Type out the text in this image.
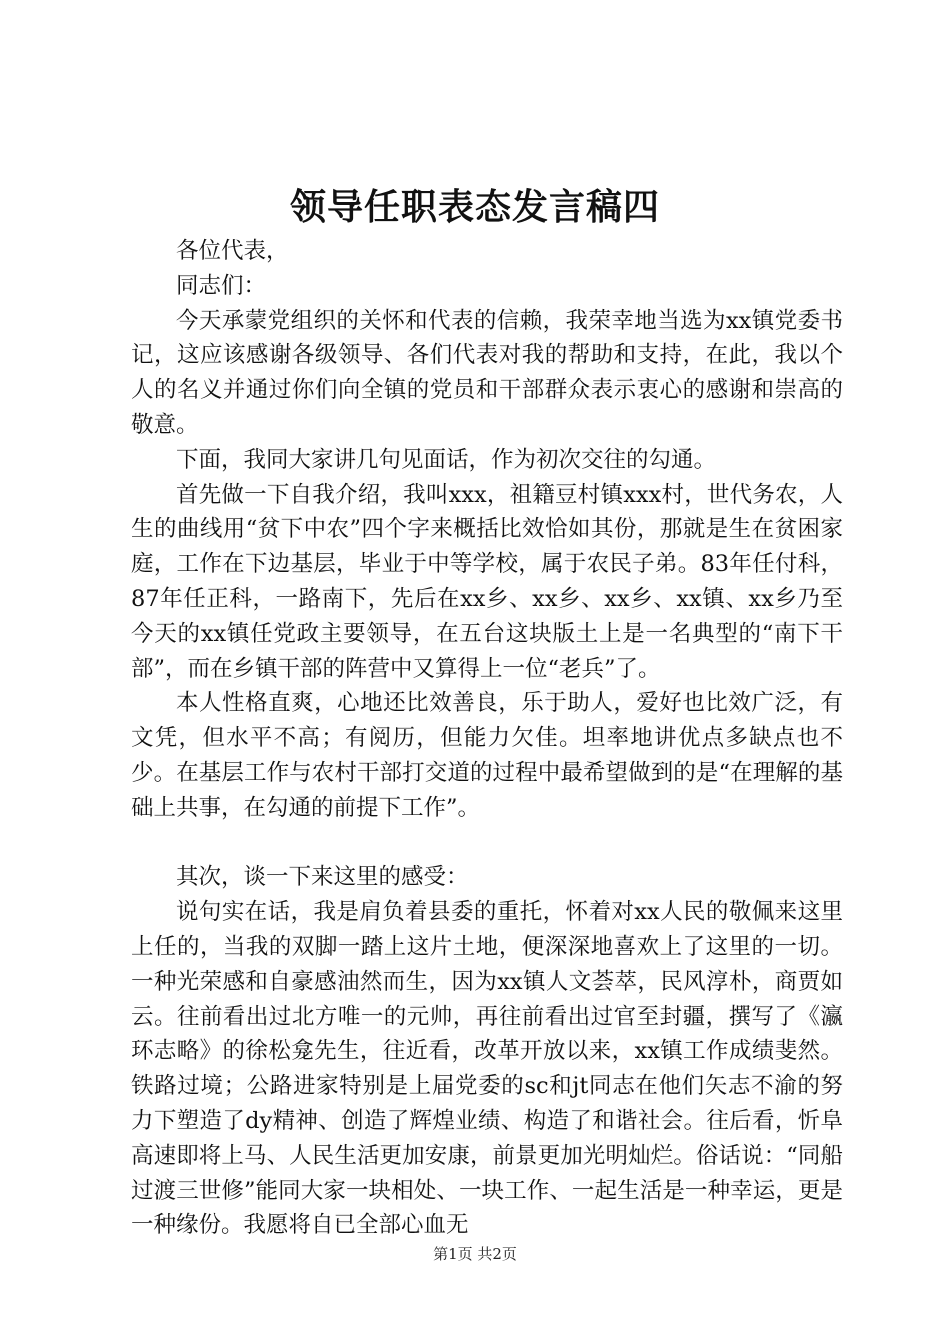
领导任职表态发言稿四

各位代表，

同志们：

今天承蒙党组织的关怀和代表的信赖，我荣幸地当选为xx镇党委书记，这应该感谢各级领导、各们代表对我的帮助和支持，在此，我以个人的名义并通过你们向全镇的党员和干部群众表示衷心的感谢和崇高的敬意。

下面，我同大家讲几句见面话，作为初次交往的勾通。

首先做一下自我介绍，我叫xxx，祖籍豆村镇xxx村，世代务农，人生的曲线用“贫下中农”四个字来概括比效恰如其份，那就是生在贫困家庭，工作在下边基层，毕业于中等学校，属于农民子弟。83年任付科，87年任正科，一路南下，先后在xx乡、xx乡、xx乡、xx镇、xx乡乃至今天的xx镇任党政主要领导，在五台这块版土上是一名典型的“南下干部”，而在乡镇干部的阵营中又算得上一位“老兵”了。

本人性格直爽，心地还比效善良，乐于助人，爱好也比效广泛，有文凭，但水平不高；有阅历，但能力欠佳。坦率地讲优点多缺点也不少。在基层工作与农村干部打交道的过程中最希望做到的是“在理解的基础上共事，在勾通的前提下工作”。

其次，谈一下来这里的感受：

说句实在话，我是肩负着县委的重托，怀着对xx人民的敬佩来这里上任的，当我的双脚一踏上这片土地，便深深地喜欢上了这里的一切。一种光荣感和自豪感油然而生，因为xx镇人文荟萃，民风淳朴，商贾如云。往前看出过北方唯一的元帅，再往前看出过官至封疆，撰写了《瀛环志略》的徐松龛先生，往近看，改革开放以来，xx镇工作成绩斐然。铁路过境；公路进家特别是上届党委的sc和jt同志在他们矢志不渝的努力下塑造了dy精神、创造了辉煌业绩、构造了和谐社会。往后看，忻阜高速即将上马、人民生活更加安康，前景更加光明灿烂。俗话说：“同船过渡三世修”能同大家一块相处、一块工作、一起生活是一种幸运，更是一种缘份。我愿将自已全部心血无

第1页 共2页
